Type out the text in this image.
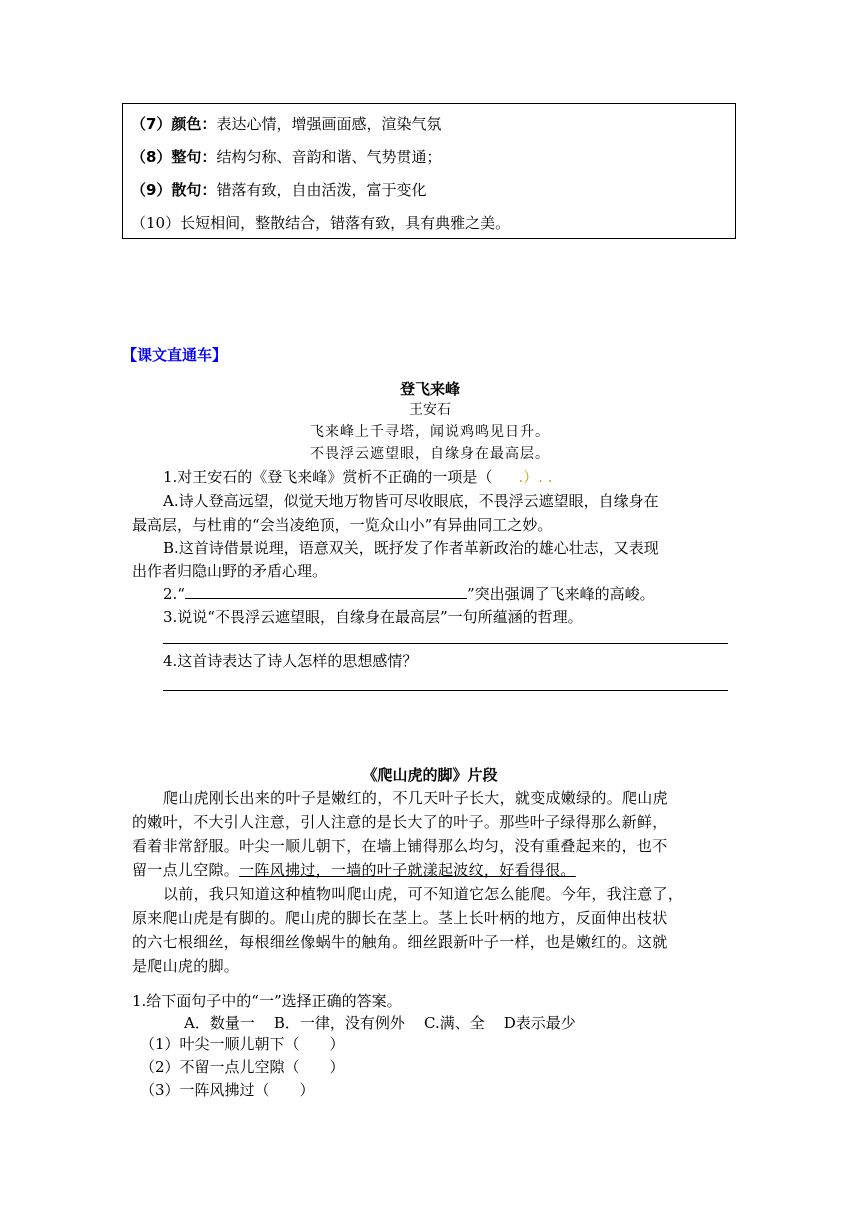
（7）颜色：表达心情，增强画面感，渲染气氛
（8）整句：结构匀称、音韵和谐、气势贯通；
（9）散句：错落有致，自由活泼，富于变化
（10）长短相间，整散结合，错落有致，具有典雅之美。
【课文直通车】
登飞来峰
王安石
飞来峰上千寻塔，闻说鸡鸣见日升。
不畏浮云遮望眼，自缘身在最高层。
1.对王安石的《登飞来峰》赏析不正确的一项是（ .）. .
A.诗人登高远望，似觉天地万物皆可尽收眼底，不畏浮云遮望眼，自缘身在
最高层，与杜甫的“会当凌绝顶，一览众山小”有异曲同工之妙。
B.这首诗借景说理，语意双关，既抒发了作者革新政治的雄心壮志，又表现
出作者归隐山野的矛盾心理。
2.“	”突出强调了飞来峰的高峻。
3.说说“不畏浮云遮望眼，自缘身在最高层”一句所蕴涵的哲理。
4.这首诗表达了诗人怎样的思想感情？
《爬山虎的脚》片段
爬山虎刚长出来的叶子是嫩红的，不几天叶子长大，就变成嫩绿的。爬山虎
的嫩叶，不大引人注意，引人注意的是长大了的叶子。那些叶子绿得那么新鲜，
看着非常舒服。叶尖一顺儿朝下，在墙上铺得那么均匀，没有重叠起来的，也不
留一点儿空隙。一阵风拂过，一墙的叶子就漾起波纹，好看得很。
以前，我只知道这种植物叫爬山虎，可不知道它怎么能爬。今年，我注意了，
原来爬山虎是有脚的。爬山虎的脚长在茎上。茎上长叶柄的地方，反面伸出枝状
的六七根细丝，每根细丝像蜗牛的触角。细丝跟新叶子一样，也是嫩红的。这就
是爬山虎的脚。
1.给下面句子中的“一”选择正确的答案。
A．数量一    B．一律，没有例外    C.满、全    D表示最少
（1）叶尖一顺儿朝下（ ）
（2）不留一点儿空隙（ ）
（3）一阵风拂过（ ）
